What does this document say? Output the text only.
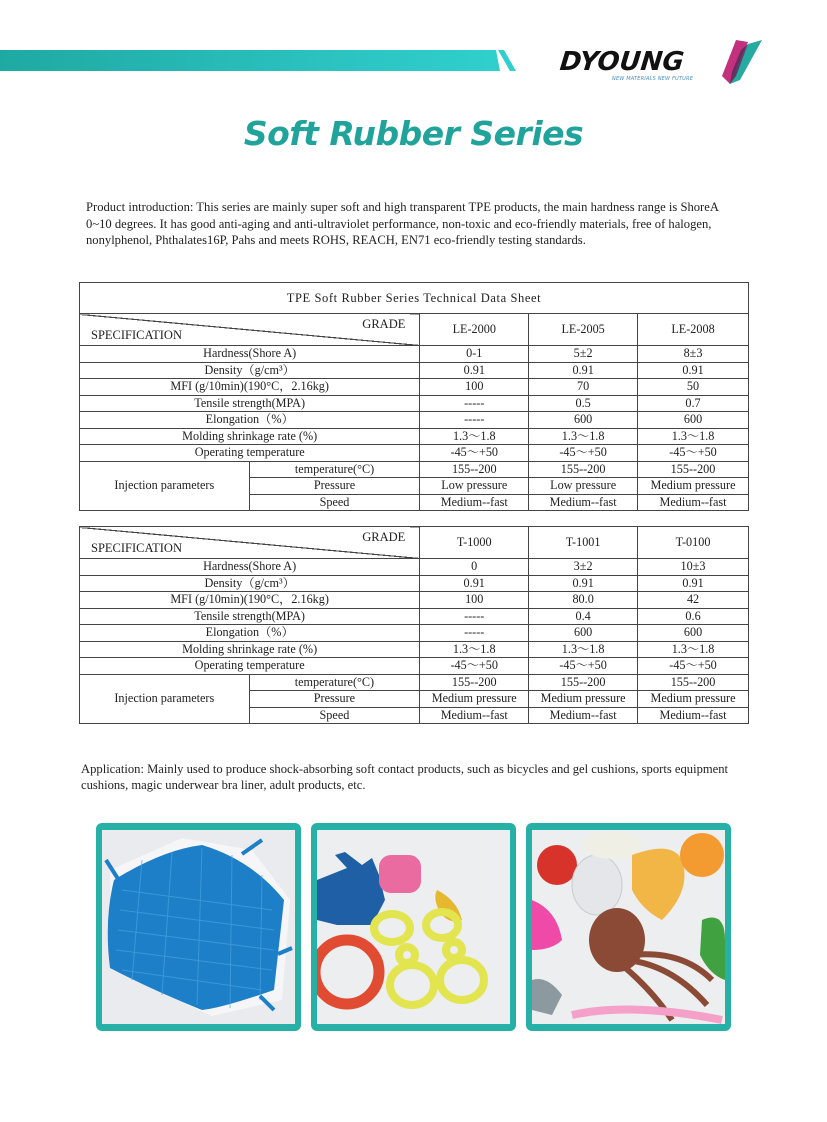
DYOUNG
NEW MATERIALS NEW FUTURE
Soft Rubber Series
Product introduction: This series are mainly super soft and high transparent TPE products, the main hardness range is ShoreA 0~10 degrees. It has good anti-aging and anti-ultraviolet performance, non-toxic and eco-friendly materials, free of halogen, nonylphenol, Phthalates16P, Pahs and meets ROHS, REACH, EN71 eco-friendly testing standards.
TPE Soft Rubber Series Technical Data Sheet				

GRADE
SPECIFICATION		LE-2000	LE-2005	LE-2008
Hardness(Shore A)		0-1	5±2	8±3
Density（g/cm³）		0.91	0.91	0.91
MFI (g/10min)(190°C，2.16kg)		100	70	50
Tensile strength(MPA)		-----	0.5	0.7
Elongation（%）		-----	600	600
Molding shrinkage rate (%)		1.3～1.8	1.3～1.8	1.3～1.8
Operating temperature		-45～+50	-45～+50	-45～+50
Injection parameters	temperature(°C)	155--200	155--200	155--200
	Pressure	Low pressure	Low pressure	Medium pressure
	Speed	Medium--fast	Medium--fast	Medium--fast
GRADE
SPECIFICATION		T-1000	T-1001	T-0100
Hardness(Shore A)		0	3±2	10±3
Density（g/cm³）		0.91	0.91	0.91
MFI (g/10min)(190°C，2.16kg)		100	80.0	42
Tensile strength(MPA)		-----	0.4	0.6
Elongation（%）		-----	600	600
Molding shrinkage rate (%)		1.3～1.8	1.3～1.8	1.3～1.8
Operating temperature		-45～+50	-45～+50	-45～+50
Injection parameters	temperature(°C)	155--200	155--200	155--200
	Pressure	Medium pressure	Medium pressure	Medium pressure
	Speed	Medium--fast	Medium--fast	Medium--fast
Application: Mainly used to produce shock-absorbing soft contact products, such as bicycles and gel cushions, sports equipment cushions, magic underwear bra liner, adult products, etc.
